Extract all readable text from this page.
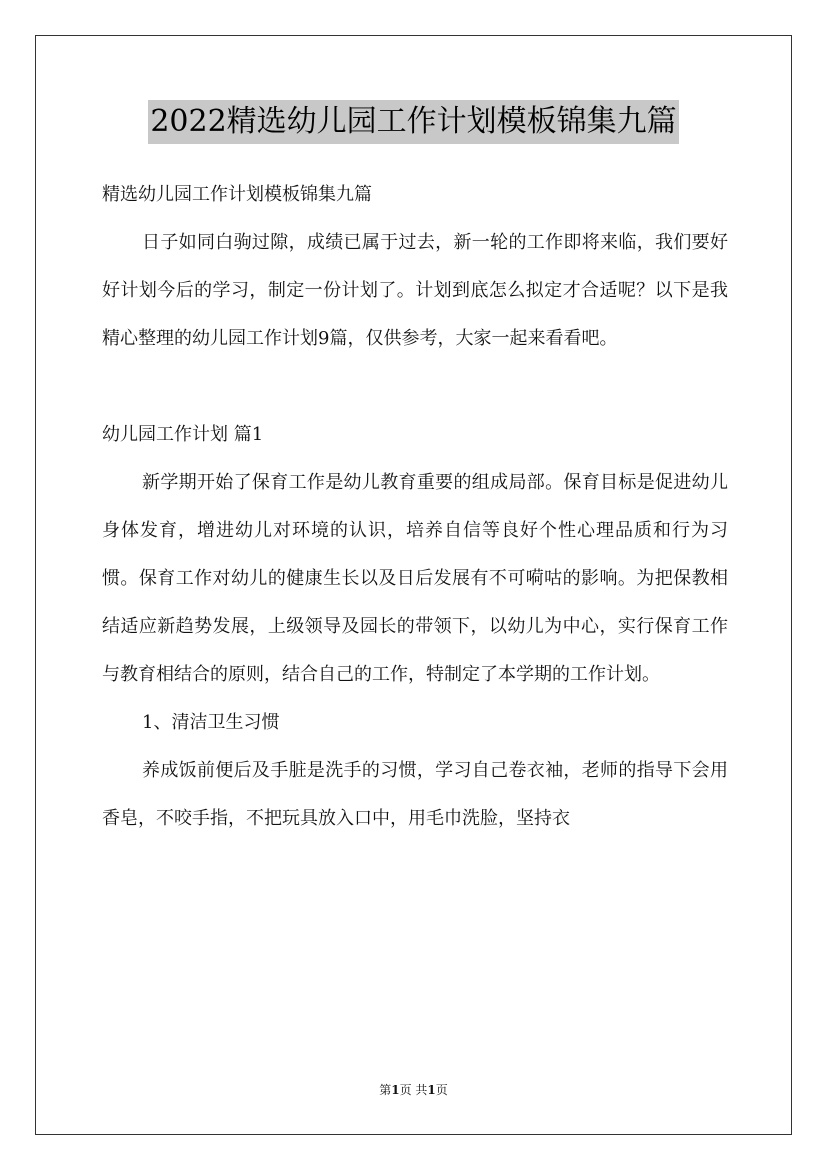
2022精选幼儿园工作计划模板锦集九篇

精选幼儿园工作计划模板锦集九篇

日子如同白驹过隙，成绩已属于过去，新一轮的工作即将来临，我们要好好计划今后的学习，制定一份计划了。计划到底怎么拟定才合适呢？以下是我精心整理的幼儿园工作计划9篇，仅供参考，大家一起来看看吧。

幼儿园工作计划 篇1

新学期开始了保育工作是幼儿教育重要的组成局部。保育目标是促进幼儿身体发育，增进幼儿对环境的认识，培养自信等良好个性心理品质和行为习惯。保育工作对幼儿的健康生长以及日后发展有不可嗬咕的影响。为把保教相结适应新趋势发展，上级领导及园长的带领下，以幼儿为中心，实行保育工作与教育相结合的原则，结合自己的工作，特制定了本学期的工作计划。

1、清洁卫生习惯

养成饭前便后及手脏是洗手的习惯，学习自己卷衣袖，老师的指导下会用香皂，不咬手指，不把玩具放入口中，用毛巾洗脸，坚持衣

第1页 共1页
